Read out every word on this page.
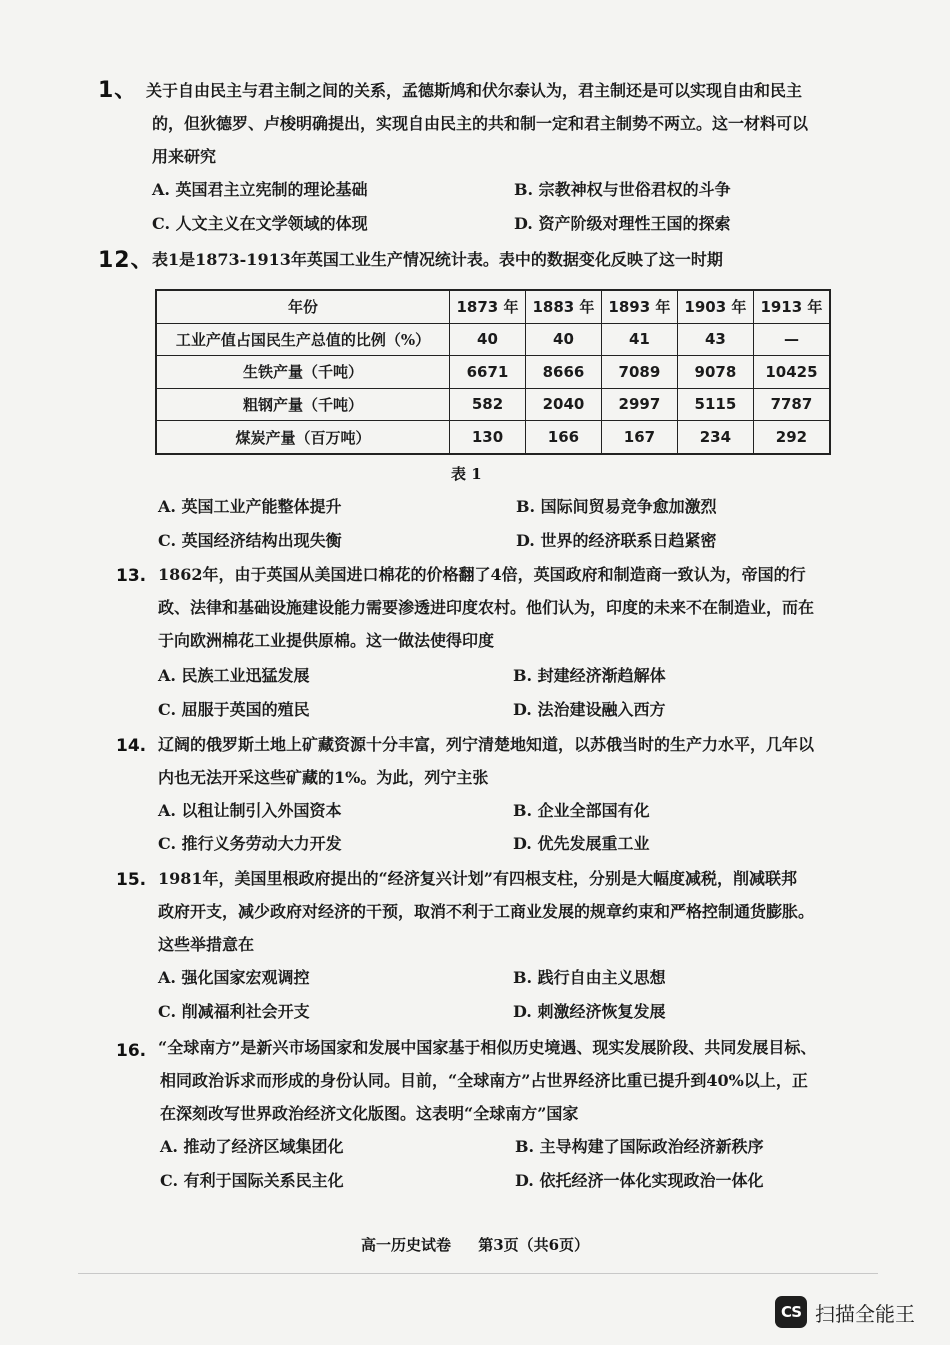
1、 关于自由民主与君主制之间的关系，孟德斯鸠和伏尔泰认为，君主制还是可以实现自由和民主
的，但狄德罗、卢梭明确提出，实现自由民主的共和制一定和君主制势不两立。这一材料可以
用来研究
A. 英国君主立宪制的理论基础	B. 宗教神权与世俗君权的斗争
C. 人文主义在文学领域的体现	D. 资产阶级对理性王国的探索
12、
表1是1873-1913年英国工业生产情况统计表。表中的数据变化反映了这一时期
年份	1873 年	1883 年	1893 年	1903 年	1913 年
工业产值占国民生产总值的比例（%）	40	40	41	43	—
生铁产量（千吨）	6671	8666	7089	9078	10425
粗钢产量（千吨）	582	2040	2997	5115	7787
煤炭产量（百万吨）	130	166	167	234	292
表 1
A. 英国工业产能整体提升	B. 国际间贸易竞争愈加激烈
C. 英国经济结构出现失衡	D. 世界的经济联系日趋紧密
13. 1862年，由于英国从美国进口棉花的价格翻了4倍，英国政府和制造商一致认为，帝国的行
政、法律和基础设施建设能力需要渗透进印度农村。他们认为，印度的未来不在制造业，而在
于向欧洲棉花工业提供原棉。这一做法使得印度
A. 民族工业迅猛发展	B. 封建经济渐趋解体
C. 屈服于英国的殖民	D. 法治建设融入西方
14. 辽阔的俄罗斯土地上矿藏资源十分丰富，列宁清楚地知道，以苏俄当时的生产力水平，几年以
内也无法开采这些矿藏的1%。为此，列宁主张
A. 以租让制引入外国资本	B. 企业全部国有化
C. 推行义务劳动大力开发	D. 优先发展重工业
15. 1981年，美国里根政府提出的“经济复兴计划”有四根支柱，分别是大幅度减税，削减联邦
政府开支，减少政府对经济的干预，取消不利于工商业发展的规章约束和严格控制通货膨胀。
这些举措意在
A. 强化国家宏观调控	B. 践行自由主义思想
C. 削减福利社会开支	D. 刺激经济恢复发展
16. “全球南方”是新兴市场国家和发展中国家基于相似历史境遇、现实发展阶段、共同发展目标、
相同政治诉求而形成的身份认同。目前，“全球南方”占世界经济比重已提升到40%以上，正
在深刻改写世界政治经济文化版图。这表明“全球南方”国家
A. 推动了经济区域集团化	B. 主导构建了国际政治经济新秩序
C. 有利于国际关系民主化	D. 依托经济一体化实现政治一体化
高一历史试卷 第3页（共6页）
CS 扫描全能王
